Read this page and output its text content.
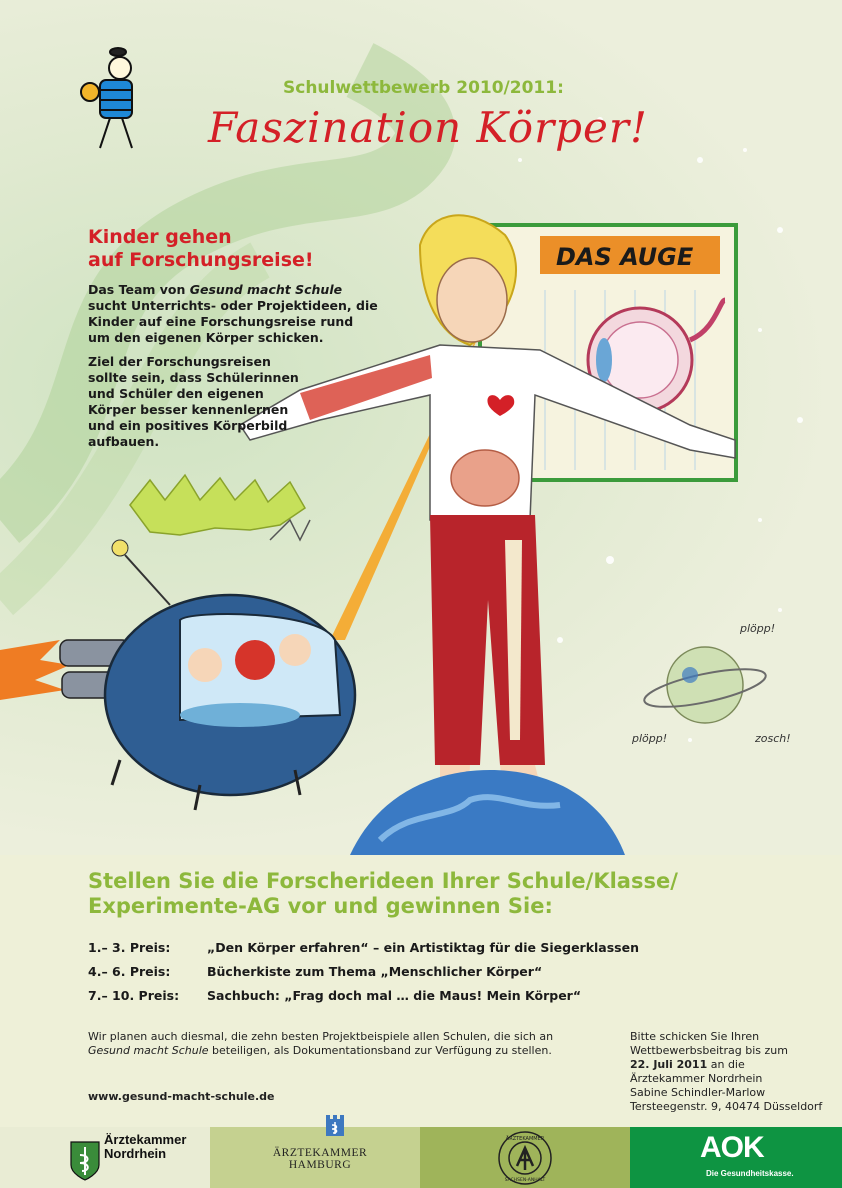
DAS AUGE
plöpp!
plöpp!	zosch!
Schulwettbewerb 2010/2011:
Faszination Körper!
Kinder gehen
auf Forschungsreise!

Das Team von Gesund macht Schule sucht Unterrichts- oder Projektideen, die Kinder auf eine Forschungsreise rund um den eigenen Körper schicken.

Ziel der Forschungsreisen sollte sein, dass Schülerinnen und Schüler den eigenen Körper besser kennenlernen und ein positives Körperbild aufbauen.

Stellen Sie die Forscherideen Ihrer Schule/Klasse/ Experimente-AG vor und gewinnen Sie:
1.– 3. Preis:	„Den Körper erfahren“ – ein Artistiktag für die Siegerklassen
4.– 6. Preis:	Bücherkiste zum Thema „Menschlicher Körper“
7.– 10. Preis:	Sachbuch: „Frag doch mal … die Maus! Mein Körper“
Wir planen auch diesmal, die zehn besten Projektbeispiele allen Schulen, die sich an Gesund macht Schule beteiligen, als Dokumentationsband zur Verfügung zu stellen.
www.gesund-macht-schule.de
Bitte schicken Sie Ihren
Wettbewerbsbeitrag bis zum
22. Juli 2011 an die
Ärztekammer Nordrhein
Sabine Schindler-Marlow
Tersteegenstr. 9, 40474 Düsseldorf
Ärztekammer
Nordrhein	ÄRZTEKAMMER
HAMBURG
ÄRZTEKAMMER
SACHSEN-ANHALT
AOK
Die Gesundheitskasse.
